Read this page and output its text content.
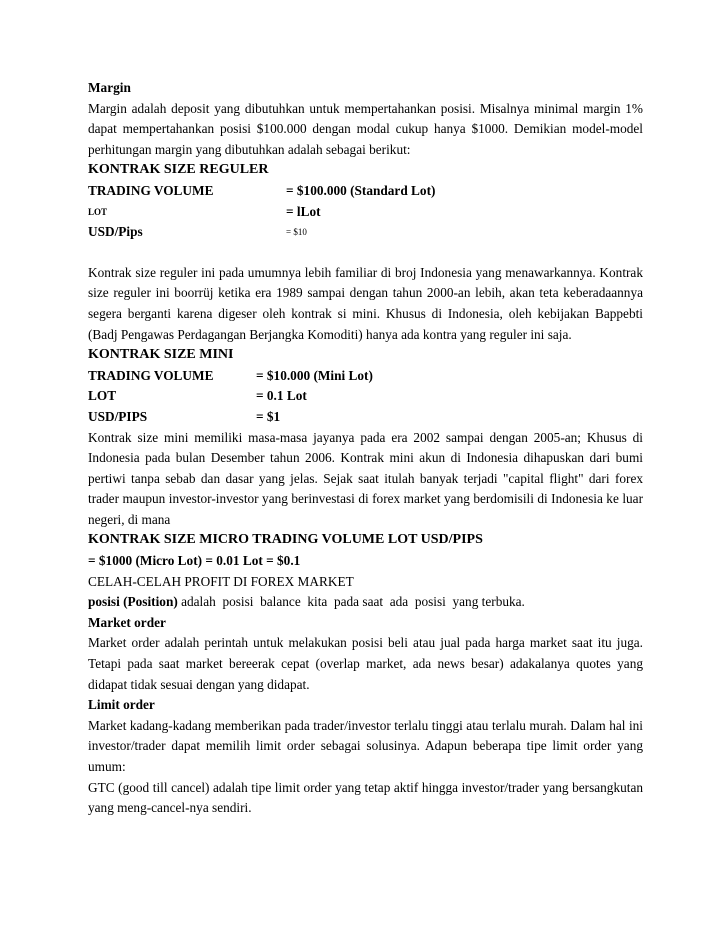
Margin

Margin adalah deposit yang dibutuhkan untuk mempertahankan posisi. Misalnya minimal margin 1% dapat mempertahankan posisi $100.000 dengan modal cukup hanya $1000. Demikian model-model perhitungan margin yang dibutuhkan adalah sebagai berikut:

KONTRAK SIZE REGULER

TRADING VOLUME	= $100.000 (Standard Lot)
LOT	= lLot
USD/Pips	= $10

Kontrak size reguler ini pada umumnya lebih familiar di broj Indonesia yang menawarkannya. Kontrak size reguler ini boorrüj ketika era 1989 sampai dengan tahun 2000-an lebih, akan teta keberadaannya segera berganti karena digeser oleh kontrak si mini. Khusus di Indonesia, oleh kebijakan Bappebti (Badj Pengawas Perdagangan Berjangka Komoditi) hanya ada kontra yang reguler ini saja.

KONTRAK SIZE MINI

TRADING VOLUME	= $10.000 (Mini Lot)
LOT	= 0.1 Lot
USD/PIPS	= $1

Kontrak size mini memiliki masa-masa jayanya pada era 2002 sampai dengan 2005-an; Khusus di Indonesia pada bulan Desember tahun 2006. Kontrak mini akun di Indonesia dihapuskan dari bumi pertiwi tanpa sebab dan dasar yang jelas. Sejak saat itulah banyak terjadi "capital flight" dari forex trader maupun investor-investor yang berinvestasi di forex market yang berdomisili di Indonesia ke luar negeri, di mana

KONTRAK SIZE MICRO TRADING VOLUME LOT USD/PIPS

= $1000 (Micro Lot) = 0.01 Lot = $0.1

CELAH-CELAH PROFIT DI FOREX MARKET

posisi (Position) adalah  posisi  balance  kita  pada saat  ada  posisi  yang terbuka.

Market order

Market order adalah perintah untuk melakukan posisi beli atau jual pada harga market saat itu juga. Tetapi pada saat market bereerak cepat (overlap market, ada news besar) adakalanya quotes yang didapat tidak sesuai dengan yang didapat.

Limit order

Market kadang-kadang memberikan pada trader/investor terlalu tinggi atau terlalu murah. Dalam hal ini investor/trader dapat memilih limit order sebagai solusinya. Adapun beberapa tipe limit order yang umum:

GTC (good till cancel) adalah tipe limit order yang tetap aktif hingga investor/trader yang bersangkutan yang meng-cancel-nya sendiri.
